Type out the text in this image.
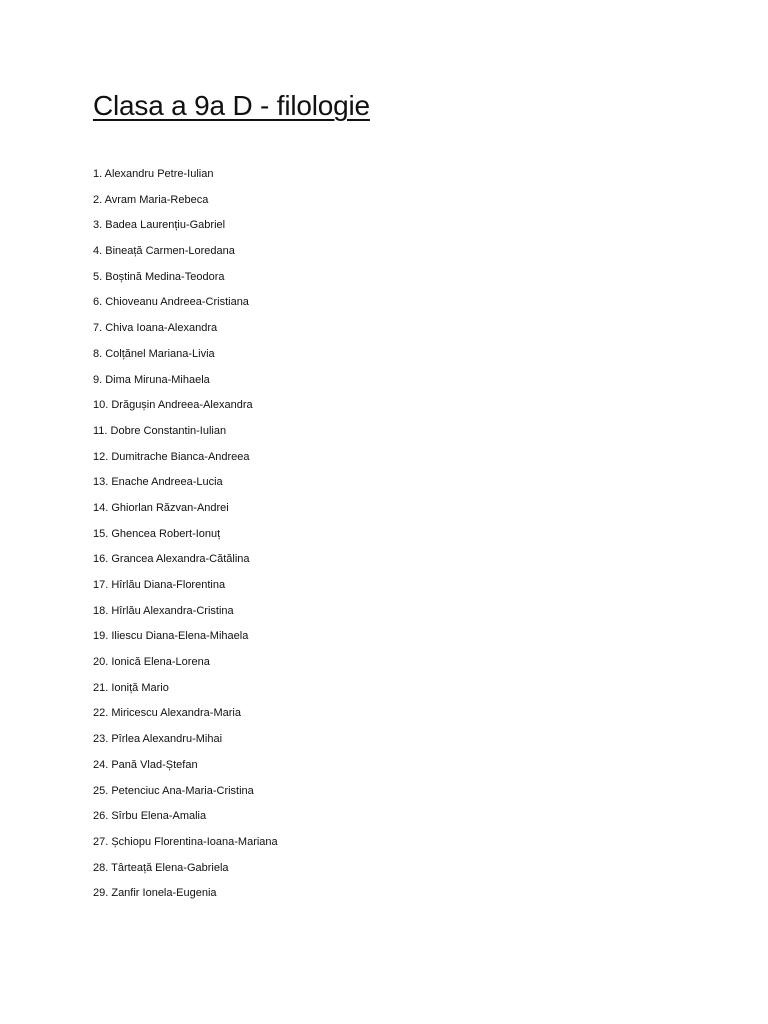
Clasa a 9a D - filologie
1. Alexandru Petre-Iulian
2. Avram Maria-Rebeca
3. Badea Laurențiu-Gabriel
4. Bineață Carmen-Loredana
5. Boștină Medina-Teodora
6. Chioveanu Andreea-Cristiana
7. Chiva Ioana-Alexandra
8. Colțănel Mariana-Livia
9. Dima Miruna-Mihaela
10. Drăgușin Andreea-Alexandra
11. Dobre Constantin-Iulian
12. Dumitrache Bianca-Andreea
13. Enache Andreea-Lucia
14. Ghiorlan Răzvan-Andrei
15. Ghencea Robert-Ionuț
16. Grancea Alexandra-Cătălina
17. Hîrlău Diana-Florentina
18. Hîrlău Alexandra-Cristina
19. Iliescu Diana-Elena-Mihaela
20. Ionică Elena-Lorena
21. Ioniță Mario
22. Miricescu Alexandra-Maria
23. Pîrlea Alexandru-Mihai
24. Pană Vlad-Ștefan
25. Petenciuc Ana-Maria-Cristina
26. Sîrbu Elena-Amalia
27. Șchiopu Florentina-Ioana-Mariana
28. Târteață Elena-Gabriela
29. Zanfir Ionela-Eugenia
